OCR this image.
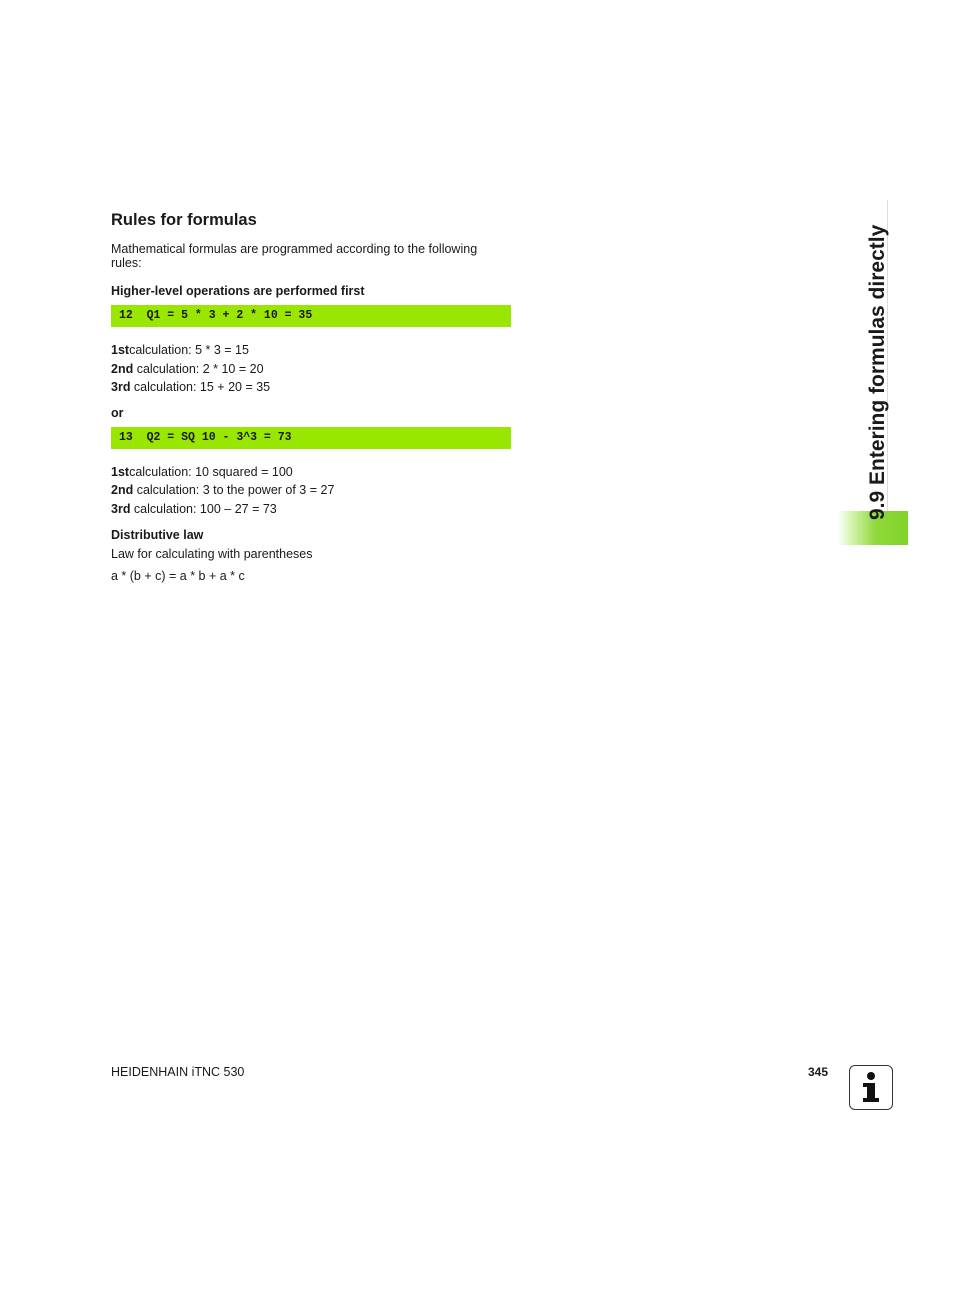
Rules for formulas

Mathematical formulas are programmed according to the following rules:

Higher-level operations are performed first

12  Q1 = 5 * 3 + 2 * 10 = 35
1stcalculation: 5 * 3 = 15
2nd calculation: 2 * 10 = 20
3rd calculation: 15 + 20 = 35

or

13  Q2 = SQ 10 - 3^3 = 73
1stcalculation: 10 squared = 100
2nd calculation: 3 to the power of 3 = 27
3rd calculation: 100 – 27 = 73

Distributive law

Law for calculating with parentheses

a * (b + c) = a * b + a * c

9.9 Entering formulas directly
HEIDENHAIN iTNC 530	345
